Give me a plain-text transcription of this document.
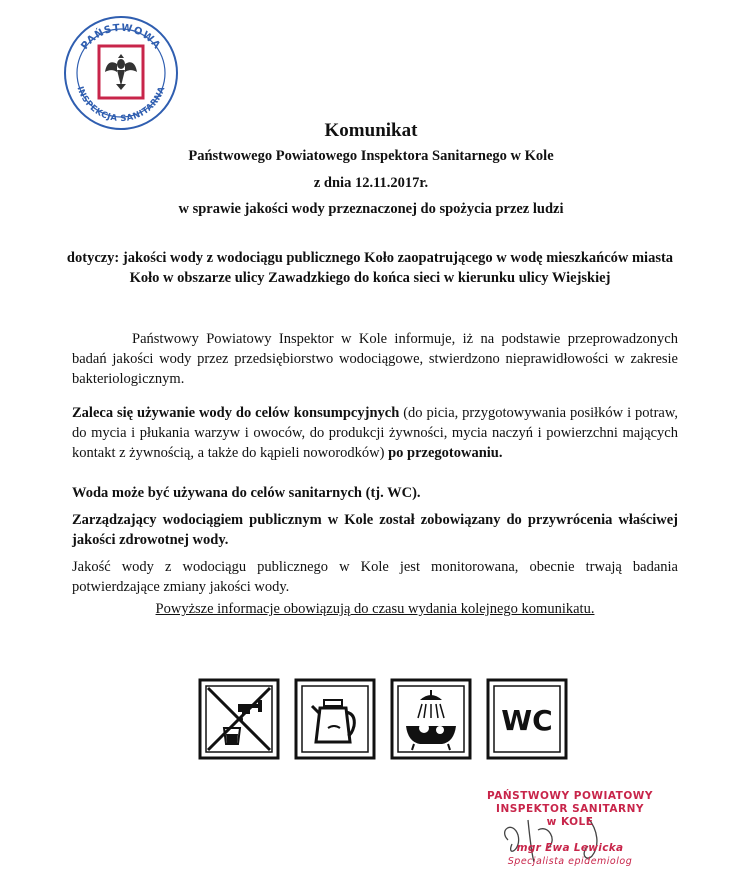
PAŃSTWOWA
INSPEKCJA SANITARNA
Komunikat

Państwowego Powiatowego Inspektora Sanitarnego w Kole

z dnia 12.11.2017r.

w sprawie jakości wody przeznaczonej do spożycia przez ludzi

dotyczy: jakości wody z wodociągu publicznego Koło zaopatrującego w wodę mieszkańców miasta Koło w obszarze ulicy Zawadzkiego do końca sieci w kierunku ulicy Wiejskiej

Państwowy Powiatowy Inspektor w Kole informuje, iż na podstawie przeprowadzonych badań jakości wody przez przedsiębiorstwo wodociągowe, stwierdzono nieprawidłowości w zakresie bakteriologicznym.

Zaleca się używanie wody do celów konsumpcyjnych (do picia, przygotowywania posiłków i potraw, do mycia i płukania warzyw i owoców, do produkcji żywności, mycia naczyń i powierzchni mających kontakt z żywnością, a także do kąpieli noworodków) po przegotowaniu.

Woda może być używana do celów sanitarnych (tj. WC).

Zarządzający wodociągiem publicznym w Kole został zobowiązany do przywrócenia właściwej jakości zdrowotnej wody.

Jakość wody z wodociągu publicznego w Kole jest monitorowana, obecnie trwają badania potwierdzające zmiany jakości wody.

Powyższe informacje obowiązują do czasu wydania kolejnego komunikatu.

WC

PAŃSTWOWY POWIATOWY

INSPEKTOR SANITARNY

w KOLE

mgr Ewa Lewicka

Specjalista epidemiolog
